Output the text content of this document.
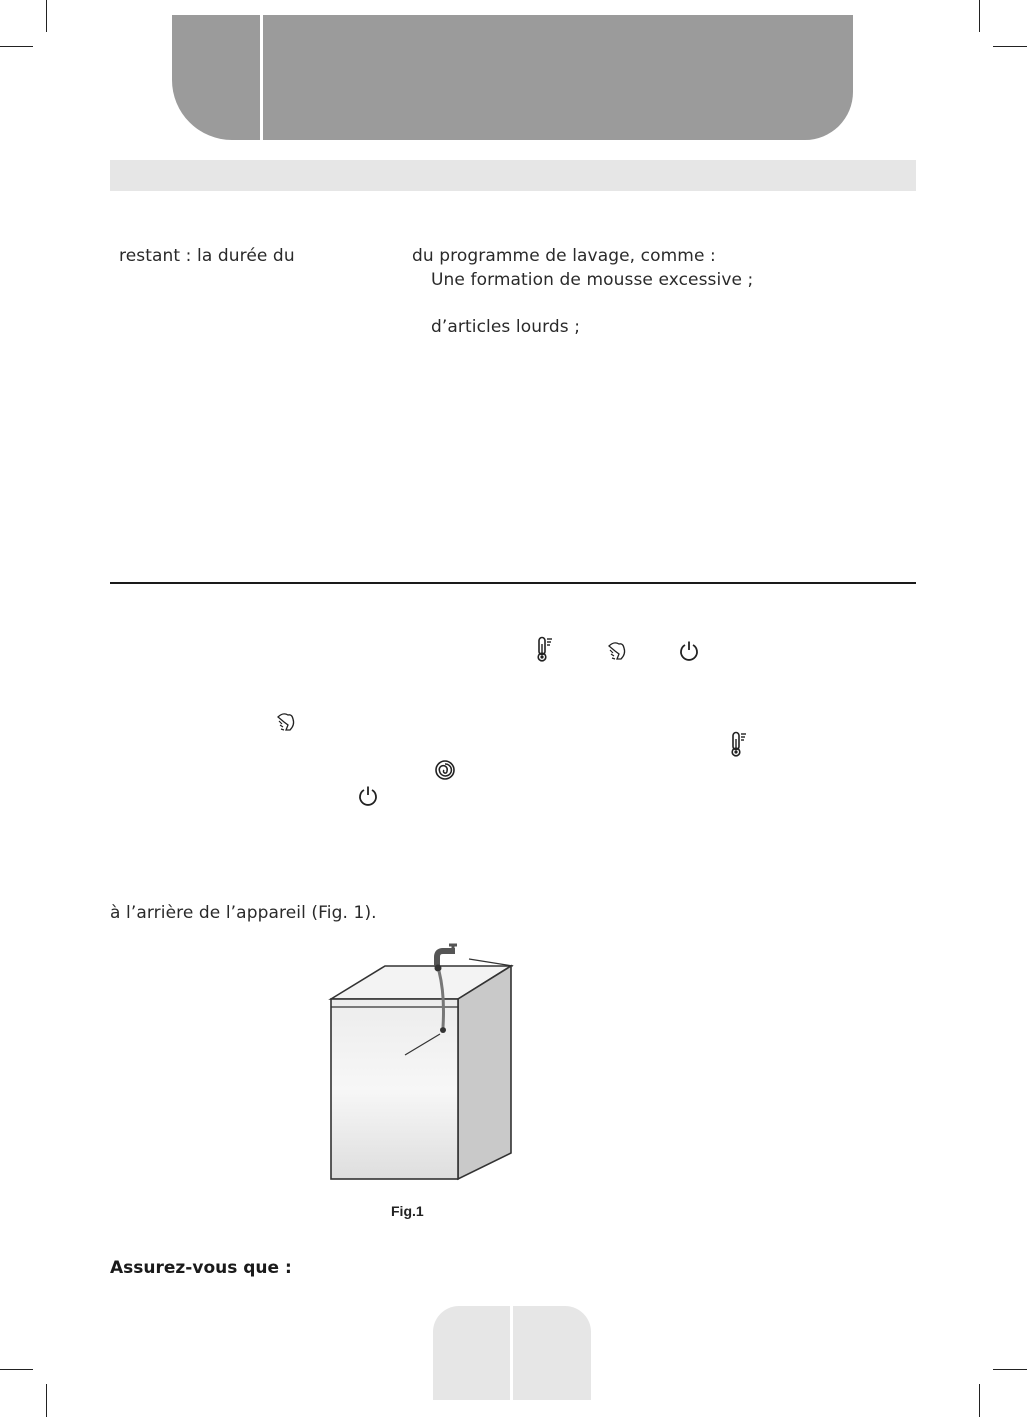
restant : la durée du	du programme de lavage, comme :
Une formation de mousse excessive ;
d’articles lourds ;
à l’arrière de l’appareil (Fig. 1).
Fig.1
Assurez-vous que :
